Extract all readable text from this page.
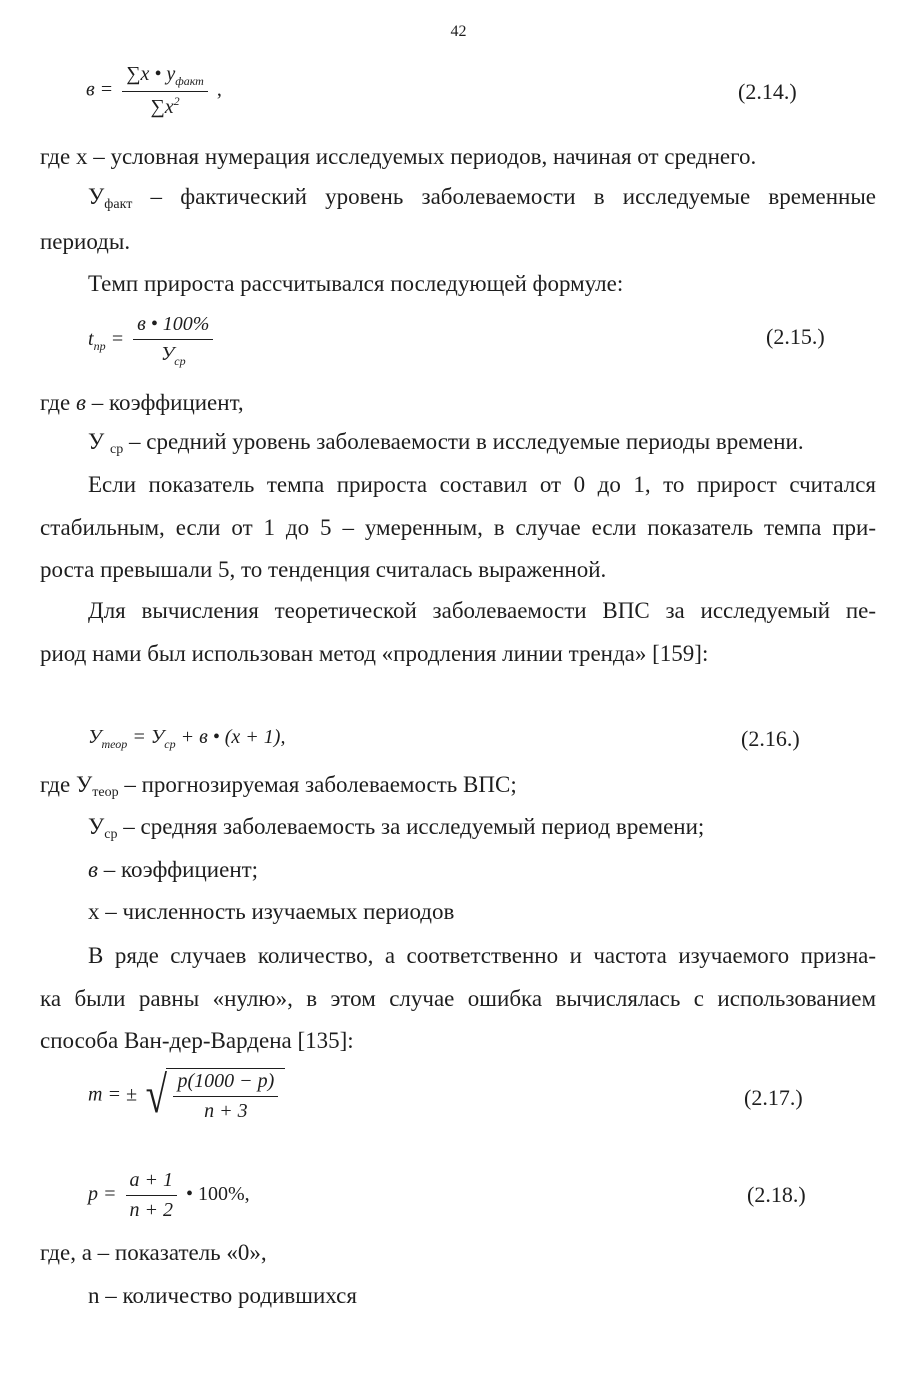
42
$в = \frac{\sum x • y_{факт}}{\sum x^2}$ ,	(2.14.)
где x – условная нумерация исследуемых периодов, начиная от среднего.
Уфакт – фактический уровень заболеваемости в исследуемые временные
периоды.
Темп прироста рассчитывался последующей формуле:
$t_{пр} = \frac{в • 100\%}{У_{ср}}$	(2.15.)
где в – коэффициент,
У ср – средний уровень заболеваемости в исследуемые периоды времени.
Если показатель темпа прироста составил от 0 до 1, то прирост считался
стабильным, если от 1 до 5 – умеренным, в случае если показатель темпа при-
роста превышали 5, то тенденция считалась выраженной.
Для вычисления теоретической заболеваемости ВПС за исследуемый пе-
риод нами был использован метод «продления линии тренда» [159]:
$У_{теор} = У_{ср} + в$ • (x + 1),	(2.16.)
где Утеор – прогнозируемая заболеваемость ВПС;
Уср – средняя заболеваемость за исследуемый период времени;
в – коэффициент;
x – численность изучаемых периодов
В ряде случаев количество, а соответственно и частота изучаемого призна-
ка были равны «нулю», в этом случае ошибка вычислялась с использованием
способа Ван-дер-Вардена [135]:
m = ± √ $\frac{p(1000 - p)}{n + 3}$	(2.17.)
$p = \frac{a + 1}{n + 2}$ • 100%,	(2.18.)
где, а – показатель «0»,
n – количество родившихся
